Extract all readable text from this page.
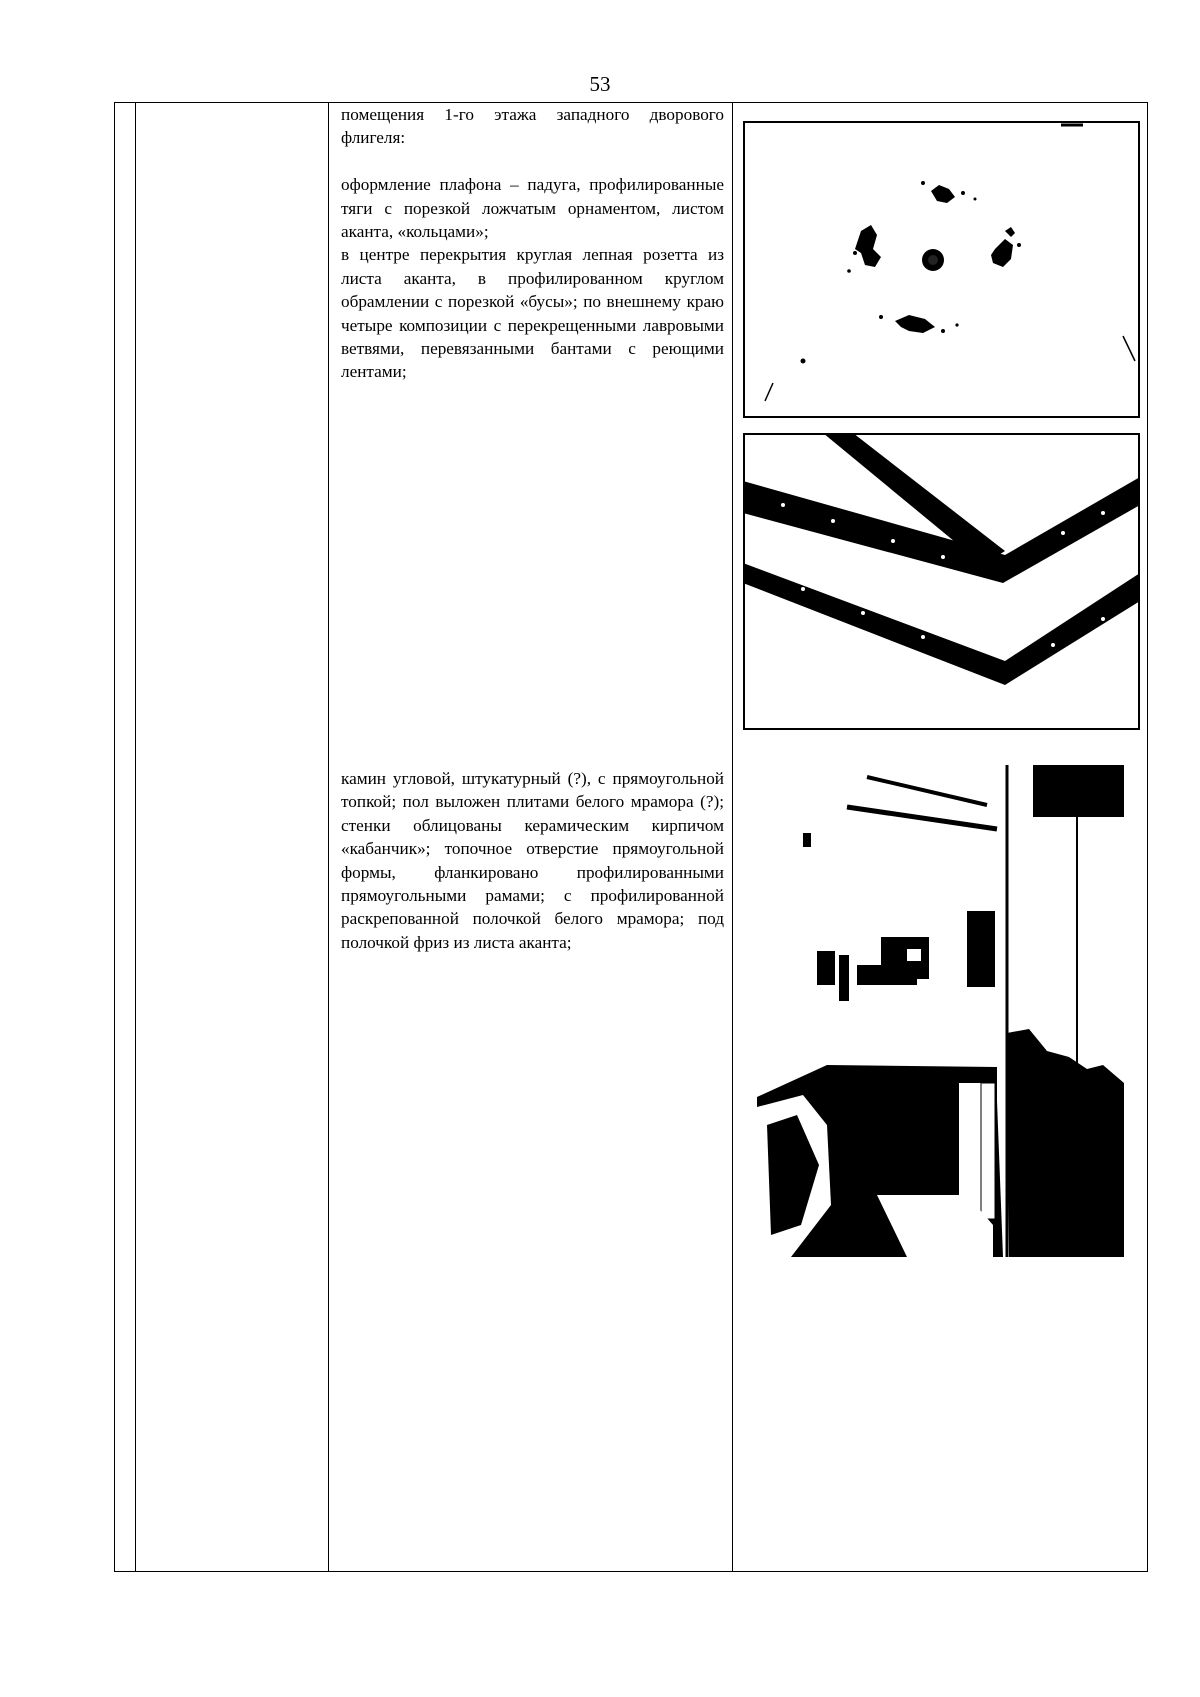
53

помещения 1-го этажа западного дворового флигеля:

оформление плафона – падуга, профилированные тяги с порезкой ложчатым орнаментом, листом аканта, «кольцами»;

в центре перекрытия круглая лепная розетта из листа аканта, в профилированном круглом обрамлении с порезкой «бусы»; по внешнему краю четыре композиции с перекрещенными лавровыми ветвями, перевязанными бантами с реющими лентами;

камин угловой, штукатурный (?), с прямоугольной топкой; пол выложен плитами белого мрамора (?); стенки облицованы керамическим кирпичом «кабанчик»; топочное отверстие прямоугольной формы, фланкировано профилированными прямоугольными рамами; с профилированной раскрепованной полочкой белого мрамора; под полочкой фриз из листа аканта;
